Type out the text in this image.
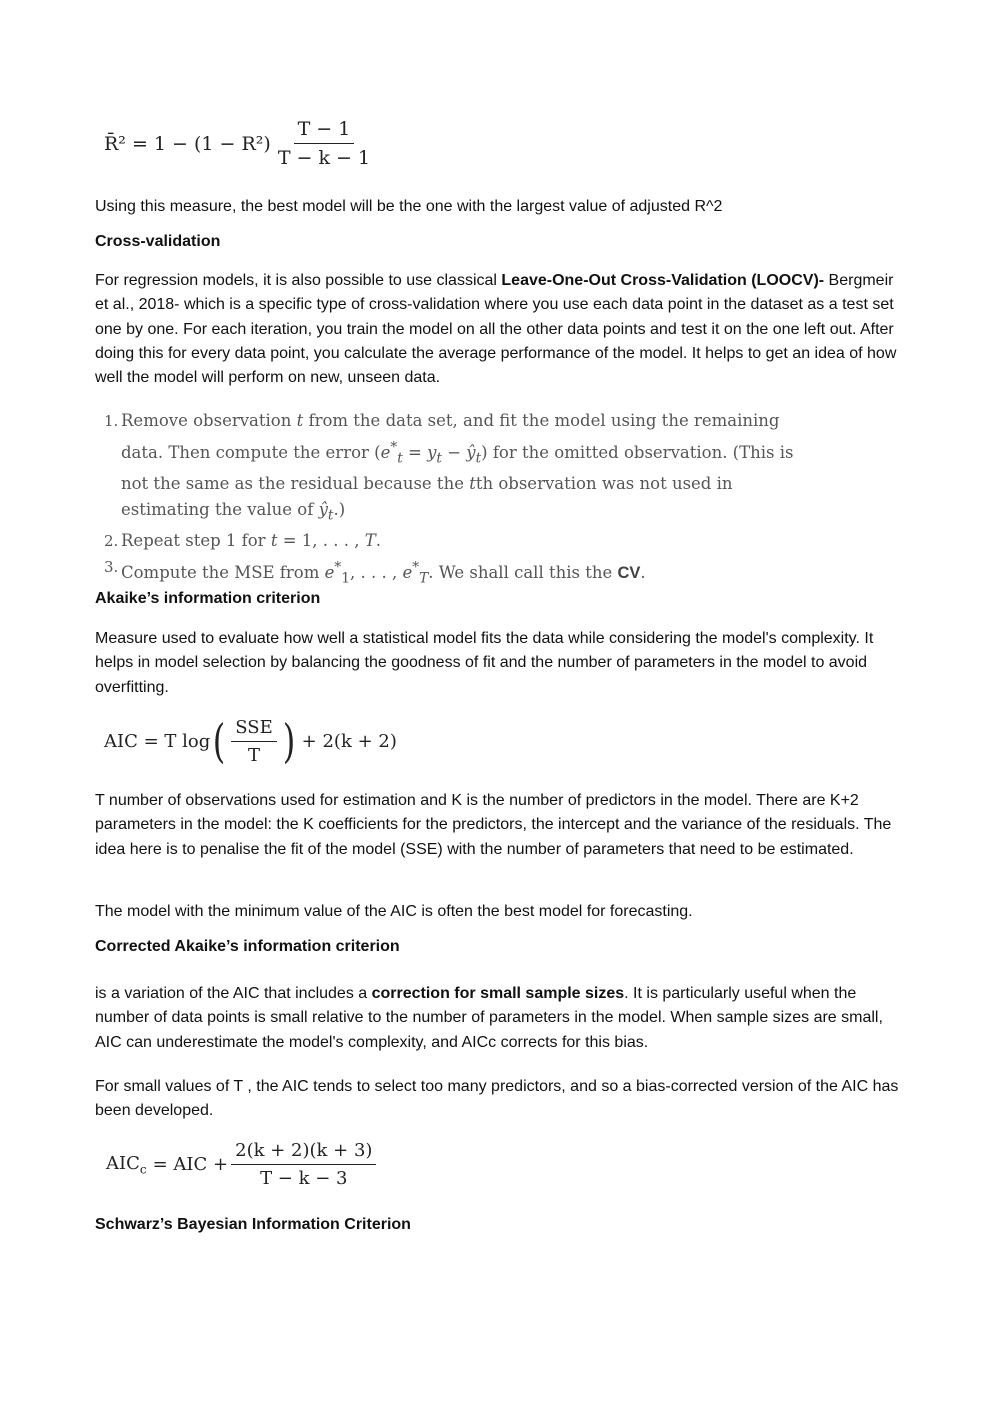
R̄² = $1 - (1 - R^2) \frac{T - 1}{T - k - 1}$

Using this measure, the best model will be the one with the largest value of adjusted R^2

Cross-validation

For regression models, it is also possible to use classical Leave-One-Out Cross-Validation (LOOCV)- Bergmeir et al., 2018- which is a specific type of cross-validation where you use each data point in the dataset as a test set one by one. For each iteration, you train the model on all the other data points and test it on the one left out. After doing this for every data point, you calculate the average performance of the model. It helps to get an idea of how well the model will perform on new, unseen data.

1. Remove observation t from the data set, and fit the model using the remaining data. Then compute the error ($e^*_t = y_t$ − $ŷ_t$) for the omitted observation. (This is not the same as the residual because the tth observation was not used in estimating the value of $ŷ_t$.)
2. Repeat step 1 for t = 1, . . . , T.
3. Compute the MSE from $e^*_1$, . . . , $e^*_T$. We shall call this the CV.

Akaike’s information criterion

Measure used to evaluate how well a statistical model fits the data while considering the model's complexity. It helps in model selection by balancing the goodness of fit and the number of parameters in the model to avoid overfitting.

AIC = T log ( $\frac{\text{SSE}}{T}$ ) + 2(k + 2)

T number of observations used for estimation and K is the number of predictors in the model. There are K+2 parameters in the model: the K coefficients for the predictors, the intercept and the variance of the residuals. The idea here is to penalise the fit of the model (SSE) with the number of parameters that need to be estimated.

The model with the minimum value of the AIC is often the best model for forecasting.

Corrected Akaike’s information criterion

is a variation of the AIC that includes a correction for small sample sizes. It is particularly useful when the number of data points is small relative to the number of parameters in the model. When sample sizes are small, AIC can underestimate the model's complexity, and AICc corrects for this bias.

For small values of T , the AIC tends to select too many predictors, and so a bias-corrected version of the AIC has been developed.

$AIC_c$ = AIC + $\frac{2(k + 2)(k + 3)}{T - k - 3}$

Schwarz’s Bayesian Information Criterion
